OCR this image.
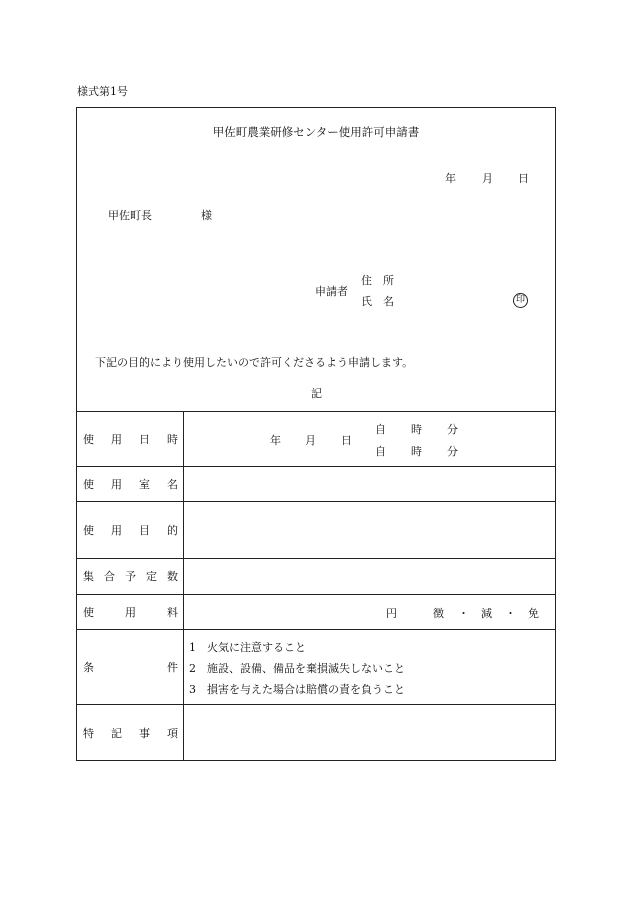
様式第1号
甲佐町農業研修センター使用許可申請書
年 月 日
甲佐町長	様
申請者
住　所
氏　名	印
下記の目的により使用したいので許可くださるよう申請します。
記
使 用 日 時	年 月 日
自 時 分
自 時 分
使 用 室 名
使 用 目 的
集 合 予 定 数
使	用	料	円	徴 ・ 減 ・ 免
条	件
1 火気に注意すること
2 施設、設備、備品を棄損滅失しないこと
3 損害を与えた場合は賠償の責を負うこと
特 記 事 項
